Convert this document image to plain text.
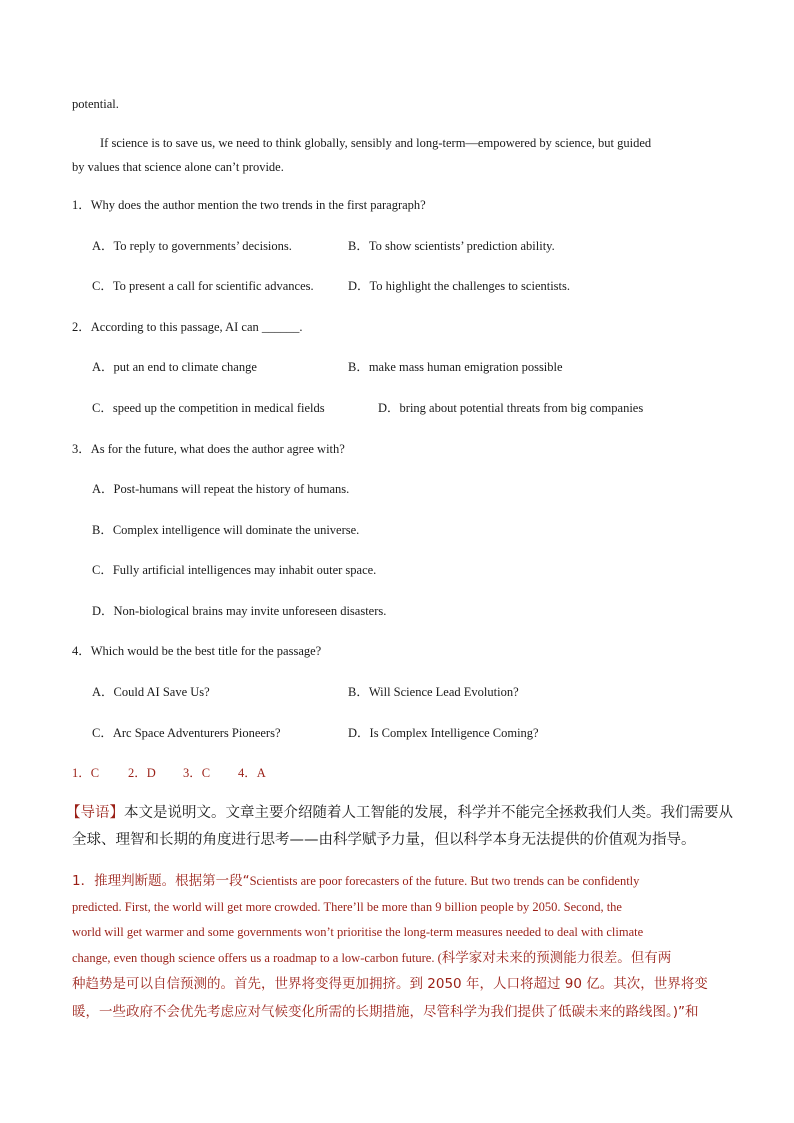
potential.
If science is to save us, we need to think globally, sensibly and long-term—empowered by science, but guided
by values that science alone can’t provide.
1．Why does the author mention the two trends in the first paragraph?
A．To reply to governments’ decisions.	B．To show scientists’ prediction ability.
C．To present a call for scientific advances.	D．To highlight the challenges to scientists.
2．According to this passage, AI can ______.
A．put an end to climate change	B．make mass human emigration possible
C．speed up the competition in medical fields	D．bring about potential threats from big companies
3．As for the future, what does the author agree with?
A．Post-humans will repeat the history of humans.
B．Complex intelligence will dominate the universe.
C．Fully artificial intelligences may inhabit outer space.
D．Non-biological brains may invite unforeseen disasters.
4．Which would be the best title for the passage?
A．Could AI Save Us?	B．Will Science Lead Evolution?
C．Arc Space Adventurers Pioneers?	D．Is Complex Intelligence Coming?
1．C 2．D 3．C 4．A
【导语】本文是说明文。文章主要介绍随着人工智能的发展，科学并不能完全拯救我们人类。我们需要从
全球、理智和长期的角度进行思考——由科学赋予力量，但以科学本身无法提供的价值观为指导。
1．推理判断题。根据第一段“Scientists are poor forecasters of the future. But two trends can be confidently
predicted. First, the world will get more crowded. There’ll be more than 9 billion people by 2050. Second, the
world will get warmer and some governments won’t prioritise the long-term measures needed to deal with climate
change, even though science offers us a roadmap to a low-carbon future. (科学家对未来的预测能力很差。但有两
种趋势是可以自信预测的。首先，世界将变得更加拥挤。到 2050 年，人口将超过 90 亿。其次，世界将变
暖，一些政府不会优先考虑应对气候变化所需的长期措施，尽管科学为我们提供了低碳未来的路线图。)”和
